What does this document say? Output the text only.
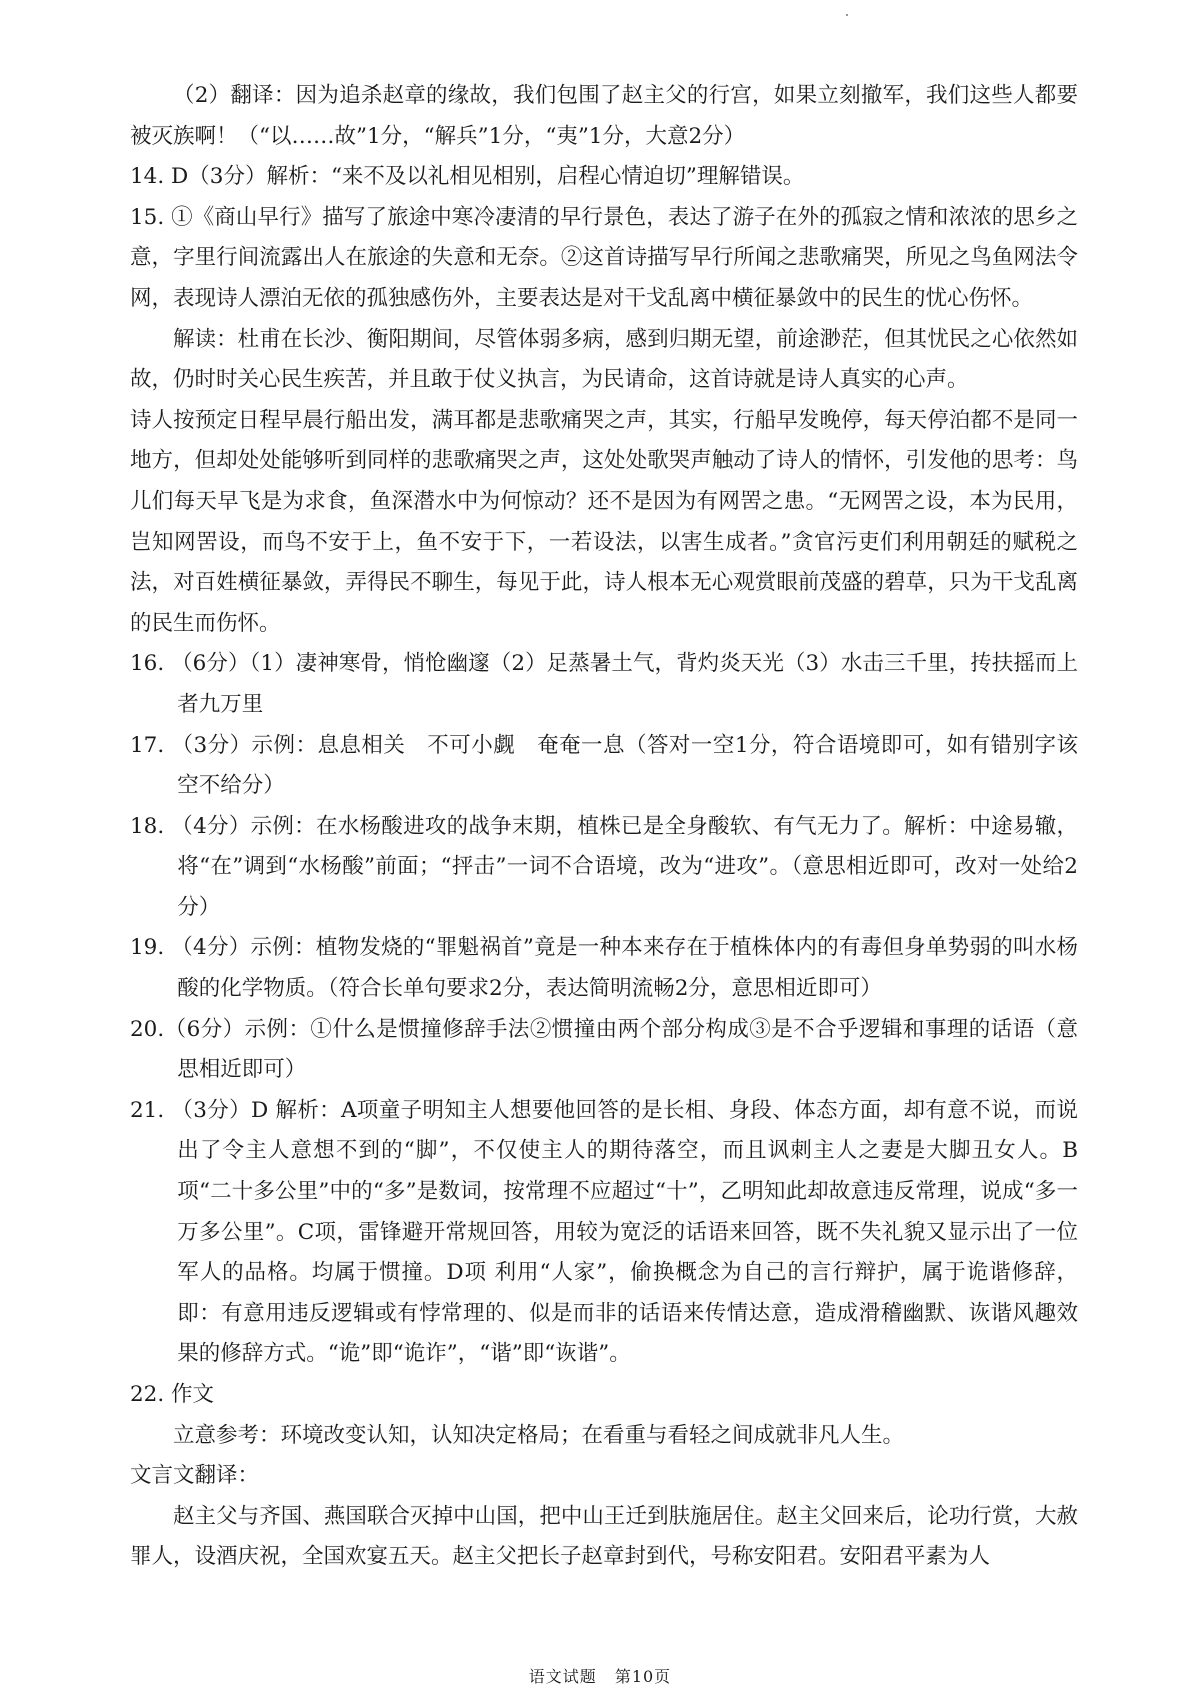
（2）翻译：因为追杀赵章的缘故，我们包围了赵主父的行宫，如果立刻撤军，我们这些人都要被灭族啊！（“以……故”1分，“解兵”1分，“夷”1分，大意2分）

14. D（3分）解析：“来不及以礼相见相别，启程心情迫切”理解错误。

15. ①《商山早行》描写了旅途中寒冷凄清的早行景色，表达了游子在外的孤寂之情和浓浓的思乡之意，字里行间流露出人在旅途的失意和无奈。②这首诗描写早行所闻之悲歌痛哭，所见之鸟鱼网法令网，表现诗人漂泊无依的孤独感伤外，主要表达是对干戈乱离中横征暴敛中的民生的忧心伤怀。

解读：杜甫在长沙、衡阳期间，尽管体弱多病，感到归期无望，前途渺茫，但其忧民之心依然如故，仍时时关心民生疾苦，并且敢于仗义执言，为民请命，这首诗就是诗人真实的心声。

诗人按预定日程早晨行船出发，满耳都是悲歌痛哭之声，其实，行船早发晚停，每天停泊都不是同一地方，但却处处能够听到同样的悲歌痛哭之声，这处处歌哭声触动了诗人的情怀，引发他的思考：鸟儿们每天早飞是为求食，鱼深潜水中为何惊动？还不是因为有网罟之患。“无网罟之设，本为民用，岂知网罟设，而鸟不安于上，鱼不安于下，一若设法，以害生成者。”贪官污吏们利用朝廷的赋税之法，对百姓横征暴敛，弄得民不聊生，每见于此，诗人根本无心观赏眼前茂盛的碧草，只为干戈乱离的民生而伤怀。

16. （6分）（1）凄神寒骨，悄怆幽邃（2）足蒸暑土气，背灼炎天光（3）水击三千里，抟扶摇而上者九万里

17. （3分）示例：息息相关　不可小觑　奄奄一息（答对一空1分，符合语境即可，如有错别字该空不给分）

18. （4分）示例：在水杨酸进攻的战争末期，植株已是全身酸软、有气无力了。解析：中途易辙，将“在”调到“水杨酸”前面；“抨击”一词不合语境，改为“进攻”。（意思相近即可，改对一处给2分）

19. （4分）示例：植物发烧的“罪魁祸首”竟是一种本来存在于植株体内的有毒但身单势弱的叫水杨酸的化学物质。（符合长单句要求2分，表达简明流畅2分，意思相近即可）

20.（6分）示例：①什么是惯撞修辞手法②惯撞由两个部分构成③是不合乎逻辑和事理的话语（意思相近即可）

21. （3分）D 解析：A项童子明知主人想要他回答的是长相、身段、体态方面，却有意不说，而说出了令主人意想不到的“脚”，不仅使主人的期待落空，而且讽刺主人之妻是大脚丑女人。B项“二十多公里”中的“多”是数词，按常理不应超过“十”，乙明知此却故意违反常理，说成“多一万多公里”。C项，雷锋避开常规回答，用较为宽泛的话语来回答，既不失礼貌又显示出了一位军人的品格。均属于惯撞。D项 利用“人家”，偷换概念为自己的言行辩护，属于诡谐修辞，即：有意用违反逻辑或有悖常理的、似是而非的话语来传情达意，造成滑稽幽默、诙谐风趣效果的修辞方式。“诡”即“诡诈”，“谐”即“诙谐”。

22. 作文

立意参考：环境改变认知，认知决定格局；在看重与看轻之间成就非凡人生。

文言文翻译：

赵主父与齐国、燕国联合灭掉中山国，把中山王迁到肤施居住。赵主父回来后，论功行赏，大赦罪人，设酒庆祝，全国欢宴五天。赵主父把长子赵章封到代，号称安阳君。安阳君平素为人

语文试题 第10页
